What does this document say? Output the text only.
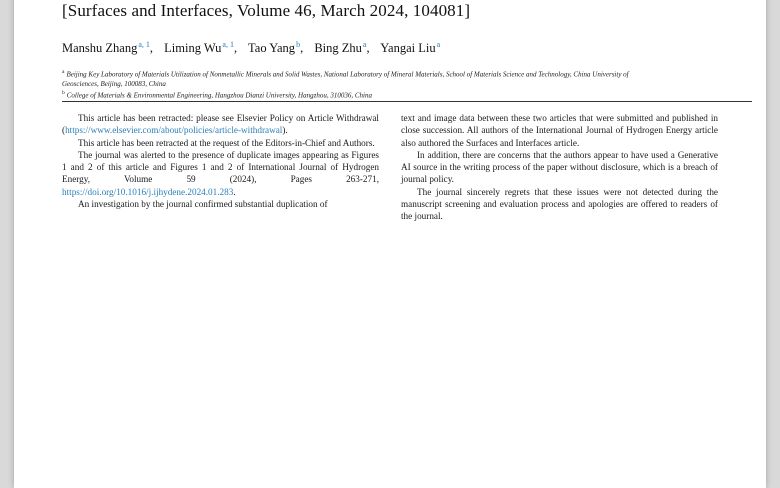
[Surfaces and Interfaces, Volume 46, March 2024, 104081]
Manshu Zhang$^{a, 1}$, Liming Wu$^{a, 1}$, Tao Yang$^b$, Bing Zhu$^a$, Yangai Liu$^a$
$^a$ Beijing Key Laboratory of Materials Utilization of Nonmetallic Minerals and Solid Wastes, National Laboratory of Mineral Materials, School of Materials Science and Technology, China University of Geosciences, Beijing, 100083, China
$^b$ College of Materials & Environmental Engineering, Hangzhou Dianzi University, Hangzhou, 310036, China

This article has been retracted: please see Elsevier Policy on Article Withdrawal (https://www.elsevier.com/about/policies/article-withdrawal).

This article has been retracted at the request of the Editors-in-Chief and Authors.

The journal was alerted to the presence of duplicate images appearing as Figures 1 and 2 of this article and Figures 1 and 2 of International Journal of Hydrogen Energy, Volume 59 (2024), Pages 263-271, https://doi.org/10.1016/j.ijhydene.2024.01.283.

An investigation by the journal confirmed substantial duplication of

text and image data between these two articles that were submitted and published in close succession. All authors of the International Journal of Hydrogen Energy article also authored the Surfaces and Interfaces article.

In addition, there are concerns that the authors appear to have used a Generative AI source in the writing process of the paper without disclosure, which is a breach of journal policy.

The journal sincerely regrets that these issues were not detected during the manuscript screening and evaluation process and apologies are offered to readers of the journal.
